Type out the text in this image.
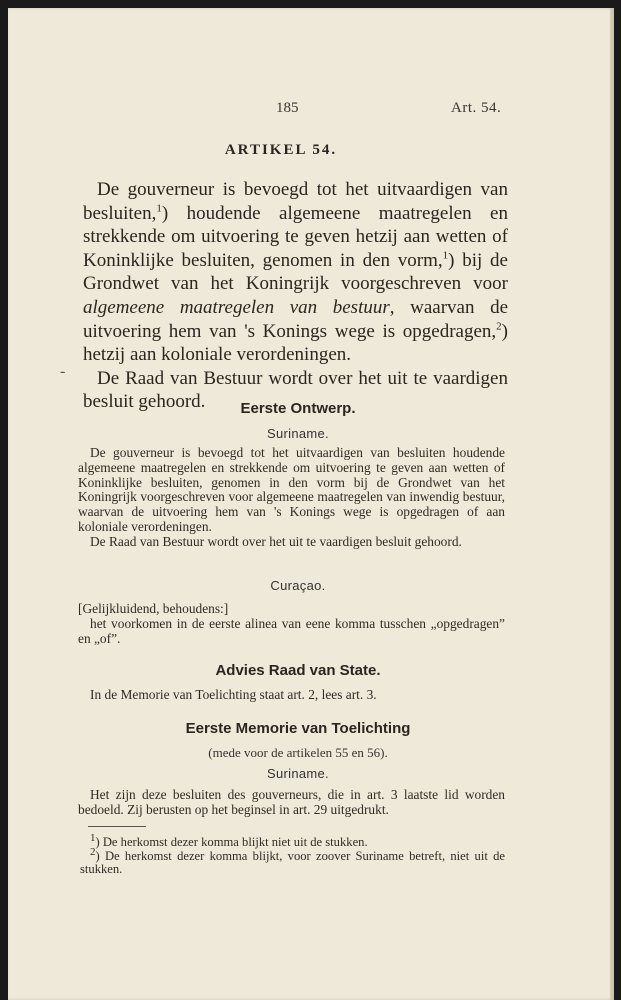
185	Art. 54.
ARTIKEL 54.

De gouverneur is bevoegd tot het uitvaardigen van besluiten,$^1$) houdende algemeene maatregelen en strekkende om uitvoering te geven hetzij aan wetten of Koninklijke besluiten, genomen in den vorm,$^1$) bij de Grondwet van het Koningrijk voorgeschreven voor algemeene maatregelen van bestuur, waarvan de uitvoering hem van 's Konings wege is opgedragen,$^2$) hetzij aan koloniale verordeningen.

De Raad van Bestuur wordt over het uit te vaardigen besluit gehoord.

-
Eerste Ontwerp.
Suriname.

De gouverneur is bevoegd tot het uitvaardigen van besluiten houdende algemeene maatregelen en strekkende om uitvoering te geven aan wetten of Koninklijke besluiten, genomen in den vorm bij de Grondwet van het Koningrijk voorgeschreven voor algemeene maatregelen van inwendig bestuur, waarvan de uitvoering hem van 's Konings wege is opgedragen of aan koloniale verordeningen.

De Raad van Bestuur wordt over het uit te vaardigen besluit gehoord.

Curaçao.

[Gelijkluidend, behoudens:]

het voorkomen in de eerste alinea van eene komma tusschen „opgedragen” en „of”.

Advies Raad van State.

In de Memorie van Toelichting staat art. 2, lees art. 3.

Eerste Memorie van Toelichting
(mede voor de artikelen 55 en 56).
Suriname.

Het zijn deze besluiten des gouverneurs, die in art. 3 laatste lid worden bedoeld. Zij berusten op het beginsel in art. 29 uitgedrukt.

1) De herkomst dezer komma blijkt niet uit de stukken.

2) De herkomst dezer komma blijkt, voor zoover Suriname betreft, niet uit de stukken.
